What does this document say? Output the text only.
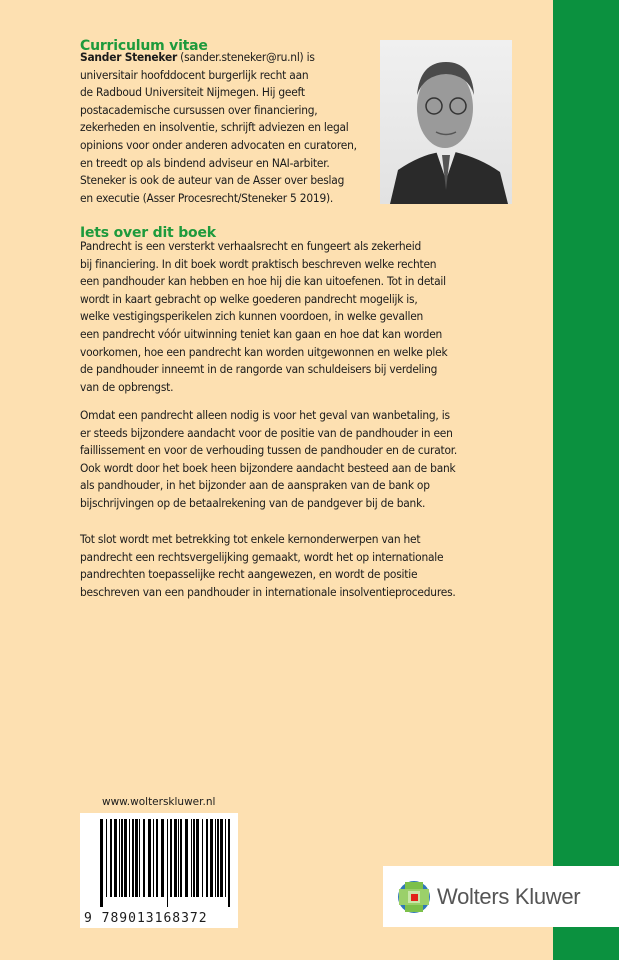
Curriculum vitae
Sander Steneker (sander.steneker@ru.nl) is
universitair hoofddocent burgerlijk recht aan
de Radboud Universiteit Nijmegen. Hij geeft
postacademische cursussen over financiering,
zekerheden en insolventie, schrijft adviezen en legal
opinions voor onder anderen advocaten en curatoren,
en treedt op als bindend adviseur en NAI-arbiter.
Steneker is ook de auteur van de Asser over beslag
en executie (Asser Procesrecht/Steneker 5 2019).
Iets over dit boek
Pandrecht is een versterkt verhaalsrecht en fungeert als zekerheid
bij financiering. In dit boek wordt praktisch beschreven welke rechten
een pandhouder kan hebben en hoe hij die kan uitoefenen. Tot in detail
wordt in kaart gebracht op welke goederen pandrecht mogelijk is,
welke vestigingsperikelen zich kunnen voordoen, in welke gevallen
een pandrecht vóór uitwinning teniet kan gaan en hoe dat kan worden
voorkomen, hoe een pandrecht kan worden uitgewonnen en welke plek
de pandhouder inneemt in de rangorde van schuldeisers bij verdeling
van de opbrengst.
Omdat een pandrecht alleen nodig is voor het geval van wanbetaling, is
er steeds bijzondere aandacht voor de positie van de pandhouder in een
faillissement en voor de verhouding tussen de pandhouder en de curator.
Ook wordt door het boek heen bijzondere aandacht besteed aan de bank
als pandhouder, in het bijzonder aan de aanspraken van de bank op
bijschrijvingen op de betaalrekening van de pandgever bij de bank.
Tot slot wordt met betrekking tot enkele kernonderwerpen van het
pandrecht een rechtsvergelijking gemaakt, wordt het op internationale
pandrechten toepasselijke recht aangewezen, en wordt de positie
beschreven van een pandhouder in internationale insolventieprocedures.
www.wolterskluwer.nl
9 789013168372
Wolters Kluwer
